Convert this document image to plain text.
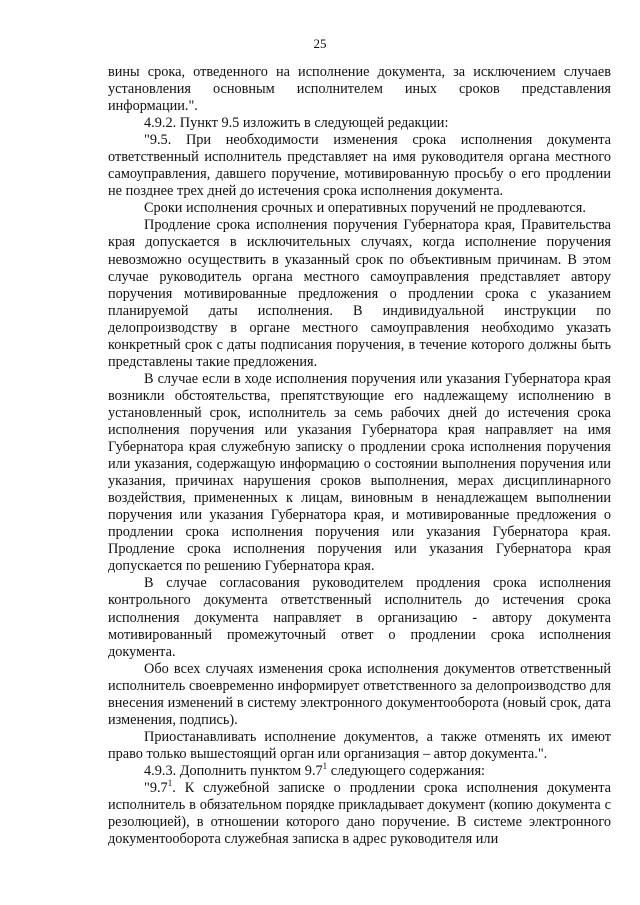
25

вины срока, отведенного на исполнение документа, за исключением случаев установления основным исполнителем иных сроков представления информации.".

4.9.2. Пункт 9.5 изложить в следующей редакции:

"9.5. При необходимости изменения срока исполнения документа ответственный исполнитель представляет на имя руководителя органа местного самоуправления, давшего поручение, мотивированную просьбу о его продлении не позднее трех дней до истечения срока исполнения документа.

Сроки исполнения срочных и оперативных поручений не продлеваются.

Продление срока исполнения поручения Губернатора края, Правительства края допускается в исключительных случаях, когда исполнение поручения невозможно осуществить в указанный срок по объективным причинам. В этом случае руководитель органа местного самоуправления представляет автору поручения мотивированные предложения о продлении срока с указанием планируемой даты исполнения. В индивидуальной инструкции по делопроизводству в органе местного самоуправления необходимо указать конкретный срок с даты подписания поручения, в течение которого должны быть представлены такие предложения.

В случае если в ходе исполнения поручения или указания Губернатора края возникли обстоятельства, препятствующие его надлежащему исполнению в установленный срок, исполнитель за семь рабочих дней до истечения срока исполнения поручения или указания Губернатора края направляет на имя Губернатора края служебную записку о продлении срока исполнения поручения или указания, содержащую информацию о состоянии выполнения поручения или указания, причинах нарушения сроков выполнения, мерах дисциплинарного воздействия, примененных к лицам, виновным в ненадлежащем выполнении поручения или указания Губернатора края, и мотивированные предложения о продлении срока исполнения поручения или указания Губернатора края. Продление срока исполнения поручения или указания Губернатора края допускается по решению Губернатора края.

В случае согласования руководителем продления срока исполнения контрольного документа ответственный исполнитель до истечения срока исполнения документа направляет в организацию - автору документа мотивированный промежуточный ответ о продлении срока исполнения документа.

Обо всех случаях изменения срока исполнения документов ответственный исполнитель своевременно информирует ответственного за делопроизводство для внесения изменений в систему электронного документооборота (новый срок, дата изменения, подпись).

Приостанавливать исполнение документов, а также отменять их имеют право только вышестоящий орган или организация – автор документа.".

4.9.3. Дополнить пунктом $9.7^1$ следующего содержания:

"$9.7^1$. К служебной записке о продлении срока исполнения документа исполнитель в обязательном порядке прикладывает документ (копию документа с резолюцией), в отношении которого дано поручение. В системе электронного документооборота служебная записка в адрес руководителя или
